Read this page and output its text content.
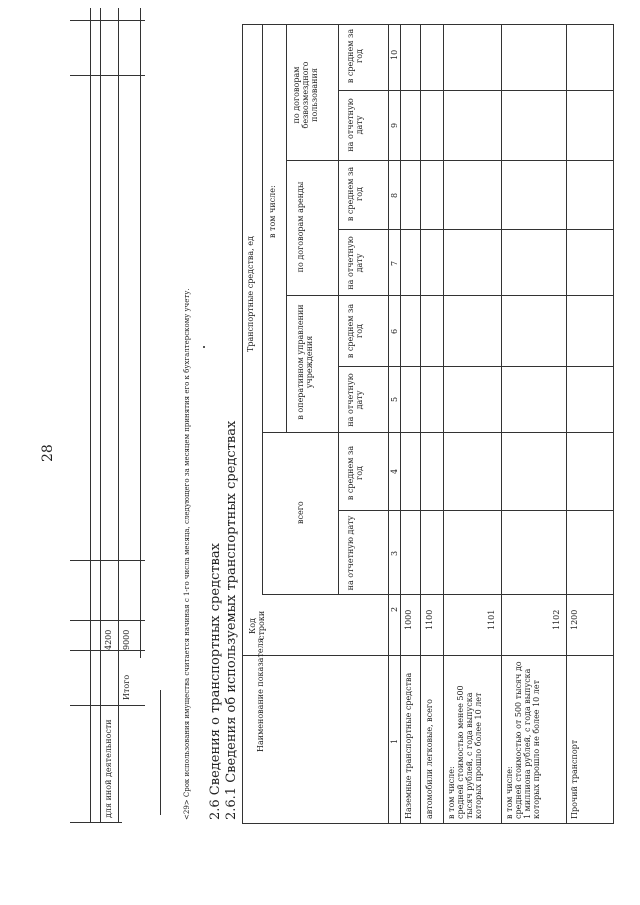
для иной деятельности
4200
Итого
9000	<29> Срок использования имущества считается начиная с 1-го числа месяца, следующего за месяцем принятия его к бухгалтерскому учету.
28
2.6 Сведения о транспортных средствах 2.6.1 Сведения об используемых транспортных средствах Наименование показателя
Код строки
Транспортные средства, ед
всего
в том числе:
в оперативном управлении учреждения
по договорам аренды
по договорам безвозмездного пользования
на отчетную дату
в среднем за год
на отчетную дату
в среднем за год
на отчетную дату
в среднем за год
на отчетную дату
в среднем за год
1
2
3
4
5
6
7
8
9
10
Наземные транспортные средства
1000
автомобили легковые, всего
1100
в том числе:
средней стоимостью менее 500 тысяч рублей, с года выпуска которых прошло более 10 лет
1101
в том числе:
средней стоимостью от 500 тысяч до 1 миллиона рублей, с года выпуска которых прошло не более 10 лет
1102
Прочий транспорт
1200
